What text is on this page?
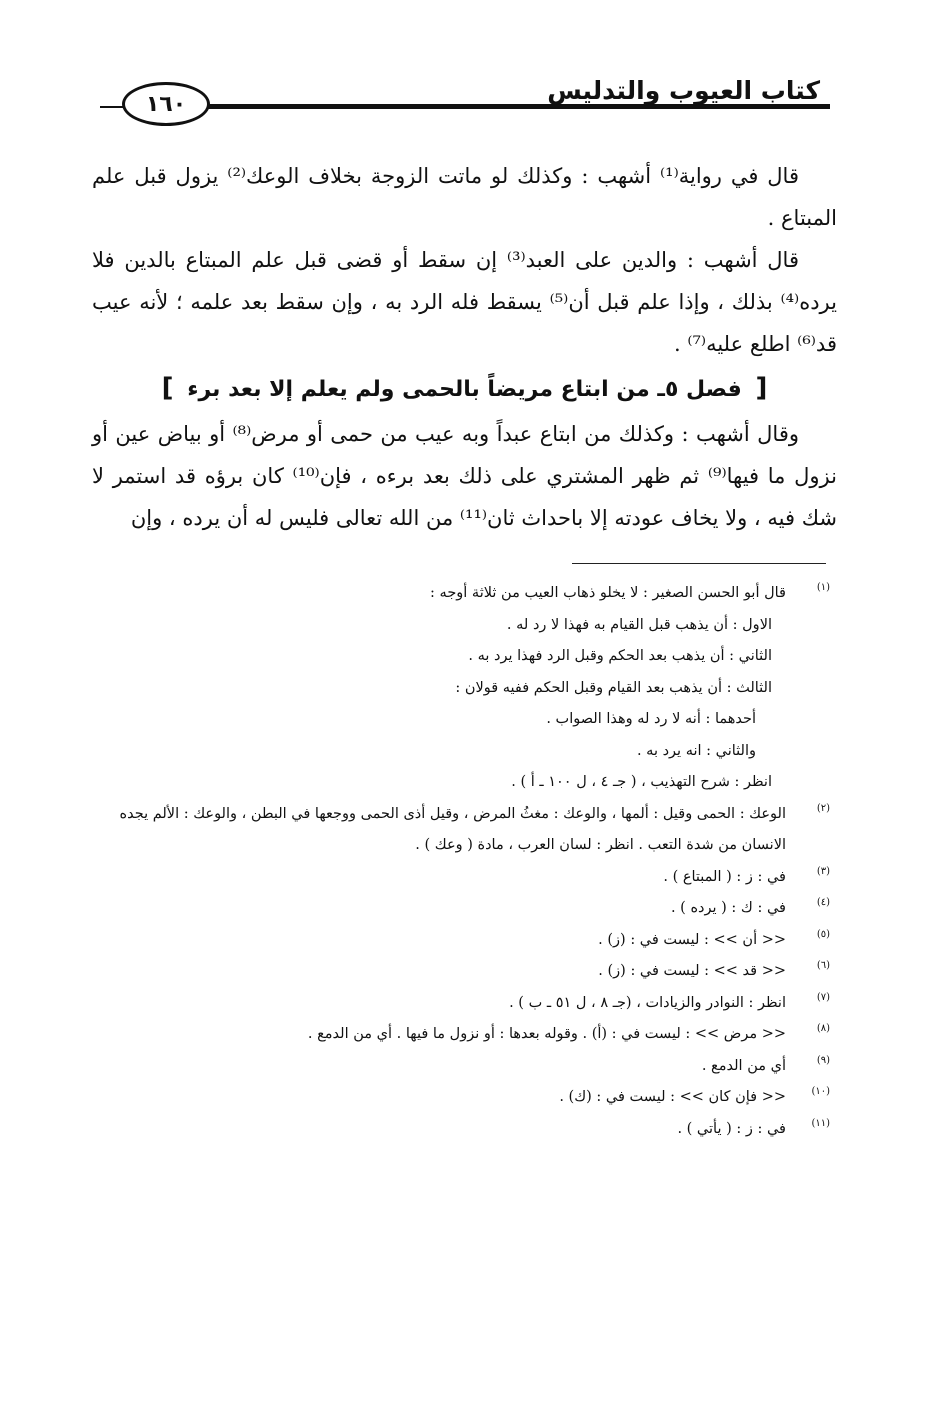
١٦٠	كتاب العيوب والتدليس

قال في رواية⁽¹⁾ أشهب : وكذلك لو ماتت الزوجة بخلاف الوعك⁽²⁾ يزول قبل علم المبتاع .

قال أشهب : والدين على العبد⁽³⁾ إن سقط أو قضى قبل علم المبتاع بالدين فلا يرده⁽⁴⁾ بذلك ، وإذا علم قبل أن⁽⁵⁾ يسقط فله الرد به ، وإن سقط بعد علمه ؛ لأنه عيب قد⁽⁶⁾ اطلع عليه⁽⁷⁾ .

[ فصل ٥ـ من ابتاع مريضاً بالحمى ولم يعلم إلا بعد برء ]

وقال أشهب : وكذلك من ابتاع عبداً وبه عيب من حمى أو مرض⁽⁸⁾ أو بياض عين أو نزول ما فيها⁽⁹⁾ ثم ظهر المشتري على ذلك بعد برءه ، فإن⁽¹⁰⁾ كان برؤه قد استمر لا شك فيه ، ولا يخاف عودته إلا باحداث ثان⁽¹¹⁾ من الله تعالى فليس له أن يرده ، وإن

(١)
قال أبو الحسن الصغير : لا يخلو ذهاب العيب من ثلاثة أوجه :
الاول : أن يذهب قبل القيام به فهذا لا رد له .
الثاني : أن يذهب بعد الحكم وقبل الرد فهذا يرد به .
الثالث : أن يذهب بعد القيام وقبل الحكم ففيه قولان :
أحدهما : أنه لا رد له وهذا الصواب .
والثاني : انه يرد به .
انظر : شرح التهذيب ، ( جـ ٤ ، ل ١٠٠ ـ أ ) .
(٢)
الوعك : الحمى وقيل : ألمها ، والوعك : مغثُ المرض ، وقيل أذى الحمى ووجعها في البطن ، والوعك : الألم يجده الانسان من شدة التعب . انظر : لسان العرب ، مادة ( وعك ) .
(٣)
في : ز : ( المبتاع ) .
(٤)
في : ك : ( يرده ) .
(٥)
<< أن >> : ليست في : (ز) .
(٦)
<< قد >> : ليست في : (ز) .
(٧)
انظر : النوادر والزيادات ، (جـ ٨ ، ل ٥١ ـ ب ) .
(٨)
<< مرض >> : ليست في : (أ) . وقوله بعدها : أو نزول ما فيها . أي من الدمع .
(٩)
أي من الدمع .
(١٠)
<< فإن كان >> : ليست في : (ك) .
(١١)
في : ز : ( يأتي ) .
